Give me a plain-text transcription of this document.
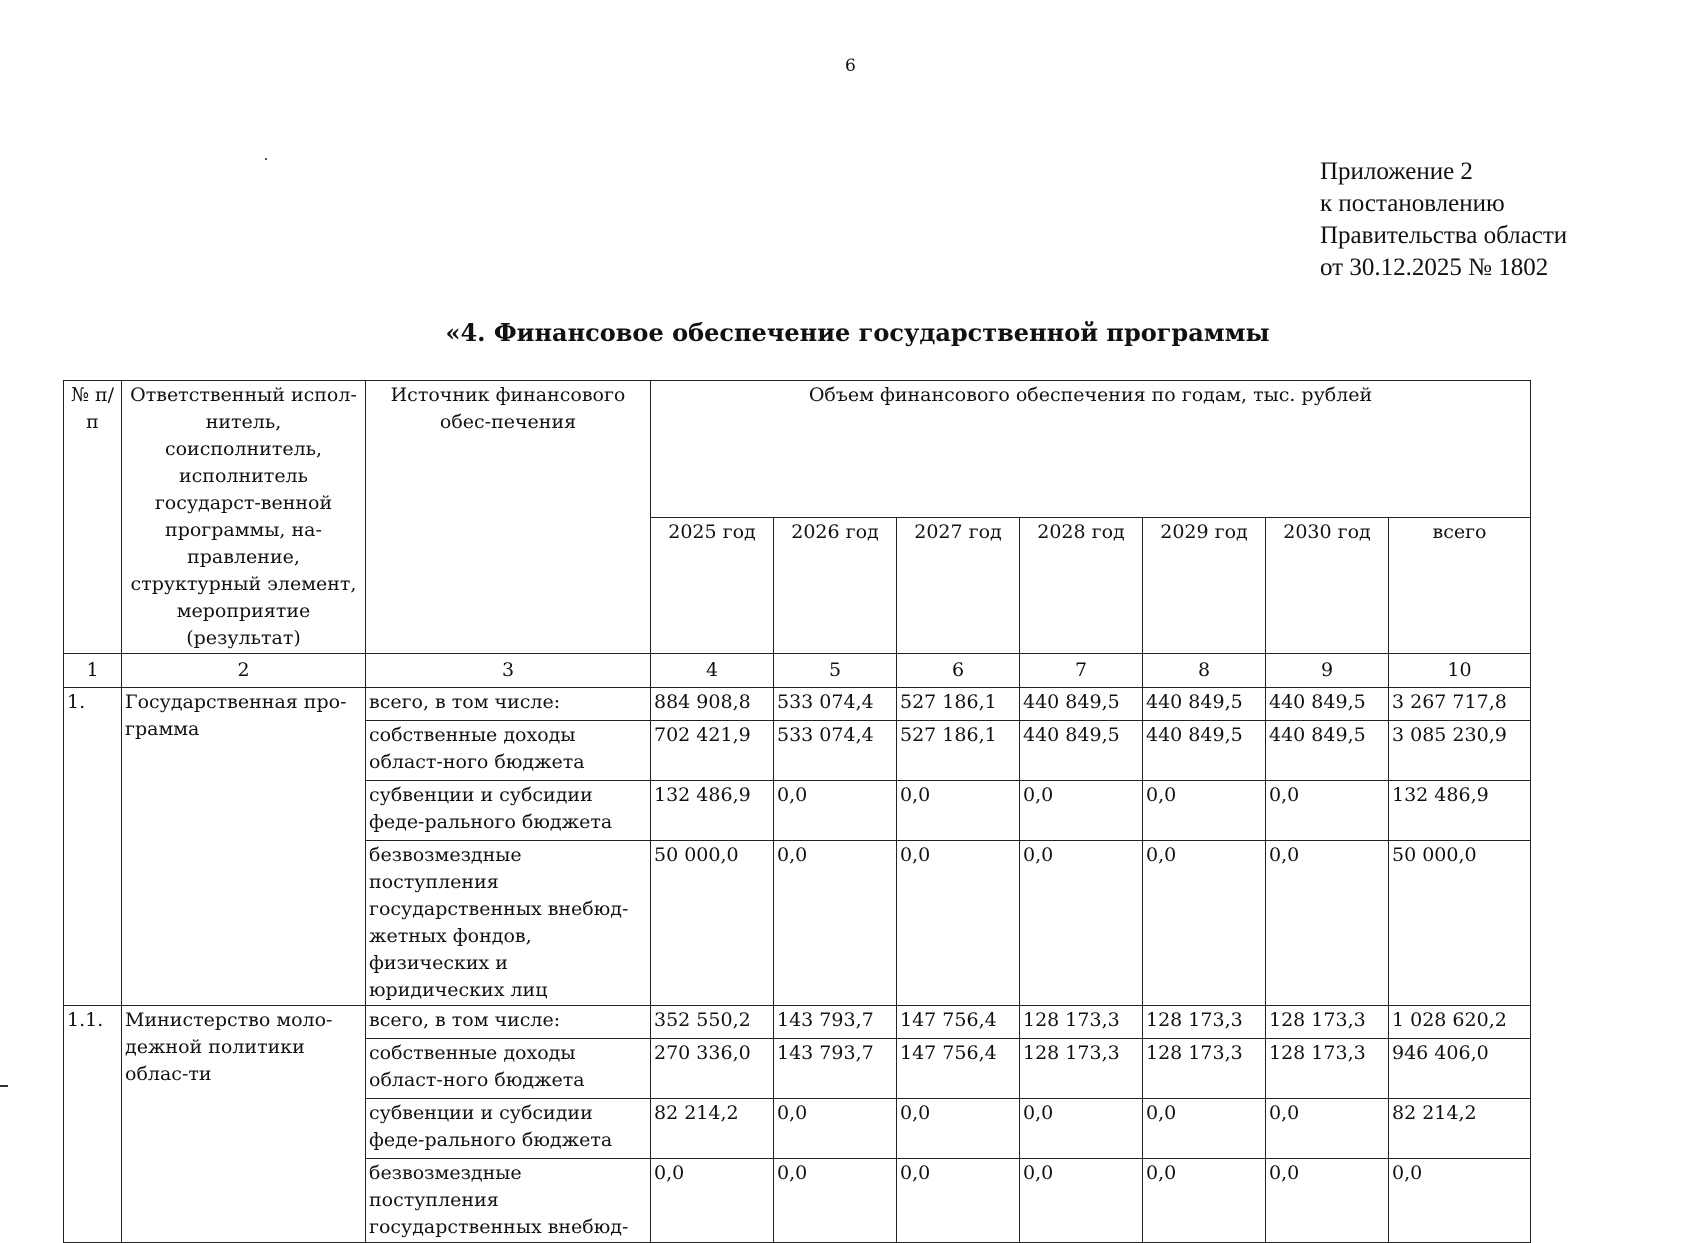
6
Приложение 2
к постановлению
Правительства области
от 30.12.2025 № 1802
«4. Финансовое обеспечение государственной программы
№ п/п	Ответственный испол-нитель, соисполнитель, исполнитель государст-венной программы, на-правление, структурный элемент, мероприятие (результат)	Источник финансового обес-печения	Объем финансового обеспечения по годам, тыс. рублей						
			2025 год	2026 год	2027 год	2028 год	2029 год	2030 год	всего
1	2	3	4	5	6	7	8	9	10
1.	Государственная про-грамма	всего, в том числе:	884 908,8	533 074,4	527 186,1	440 849,5	440 849,5	440 849,5	3 267 717,8
		собственные доходы област-ного бюджета	702 421,9	533 074,4	527 186,1	440 849,5	440 849,5	440 849,5	3 085 230,9
		субвенции и субсидии феде-рального бюджета	132 486,9	0,0	0,0	0,0	0,0	0,0	132 486,9
		безвозмездные поступления государственных внебюд-жетных фондов, физических и юридических лиц	50 000,0	0,0	0,0	0,0	0,0	0,0	50 000,0
1.1.	Министерство моло-дежной политики облас-ти	всего, в том числе:	352 550,2	143 793,7	147 756,4	128 173,3	128 173,3	128 173,3	1 028 620,2
		собственные доходы област-ного бюджета	270 336,0	143 793,7	147 756,4	128 173,3	128 173,3	128 173,3	946 406,0
		субвенции и субсидии феде-рального бюджета	82 214,2	0,0	0,0	0,0	0,0	0,0	82 214,2
		безвозмездные поступления государственных внебюд-	0,0	0,0	0,0	0,0	0,0	0,0	0,0
